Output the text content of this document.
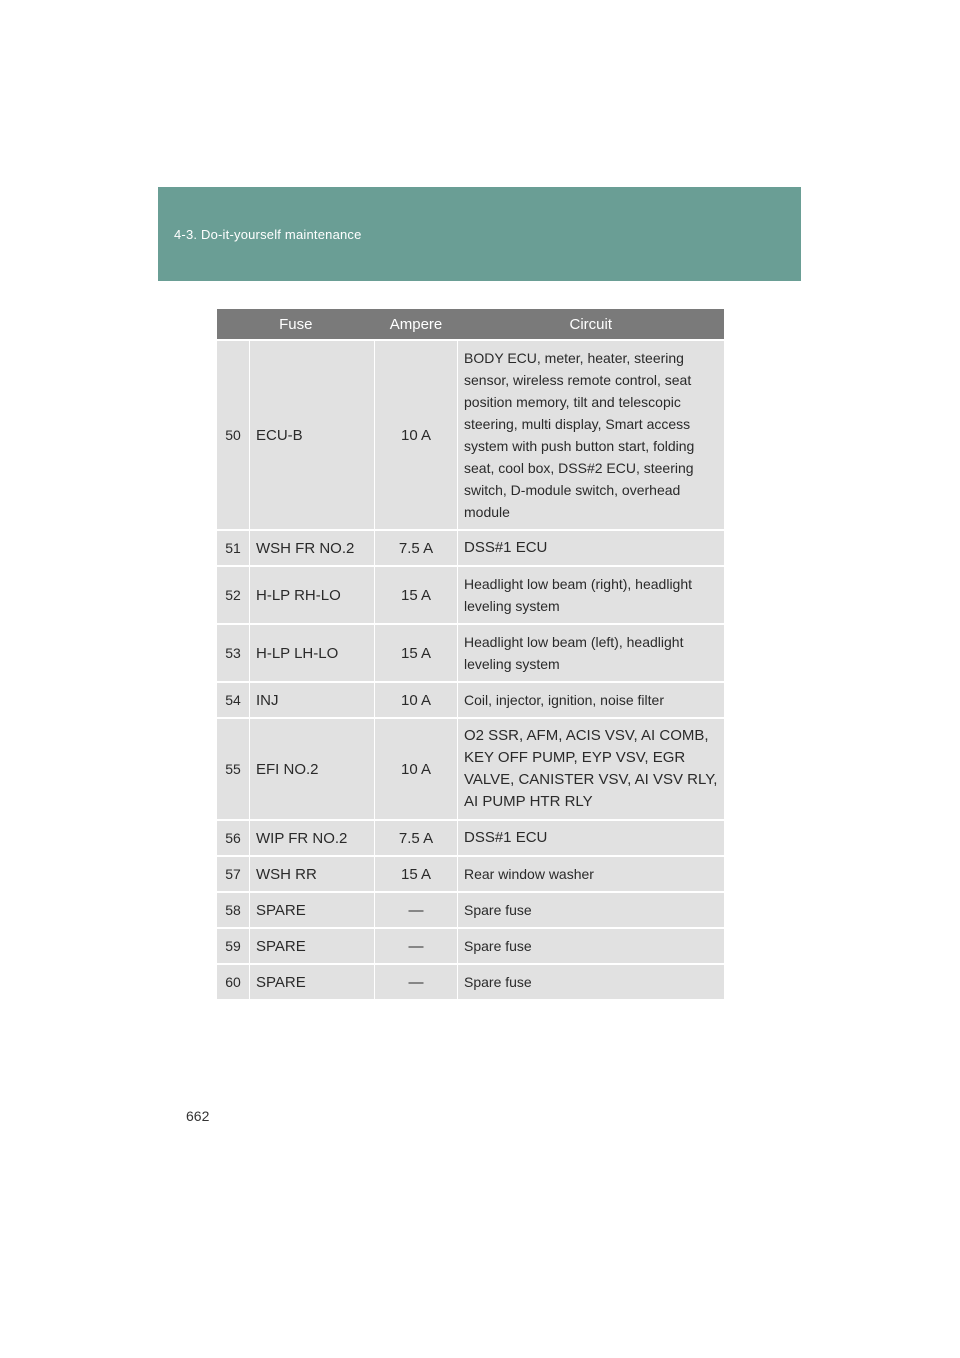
4-3. Do-it-yourself maintenance
Fuse		Ampere	Circuit
50	ECU-B	10 A	BODY ECU, meter, heater, steering sensor, wireless remote control, seat position memory, tilt and telescopic steering, multi display, Smart access system with push button start, folding seat, cool box, DSS#2 ECU, steering switch, D-module switch, overhead module
51	WSH FR NO.2	7.5 A	DSS#1 ECU
52	H-LP RH-LO	15 A	Headlight low beam (right), headlight leveling system
53	H-LP LH-LO	15 A	Headlight low beam (left), headlight leveling system
54	INJ	10 A	Coil, injector, ignition, noise filter
55	EFI NO.2	10 A	O2 SSR, AFM, ACIS VSV, AI COMB, KEY OFF PUMP, EYP VSV, EGR VALVE, CANISTER VSV, AI VSV RLY, AI PUMP HTR RLY
56	WIP FR NO.2	7.5 A	DSS#1 ECU
57	WSH RR	15 A	Rear window washer
58	SPARE	—	Spare fuse
59	SPARE	—	Spare fuse
60	SPARE	—	Spare fuse
662
